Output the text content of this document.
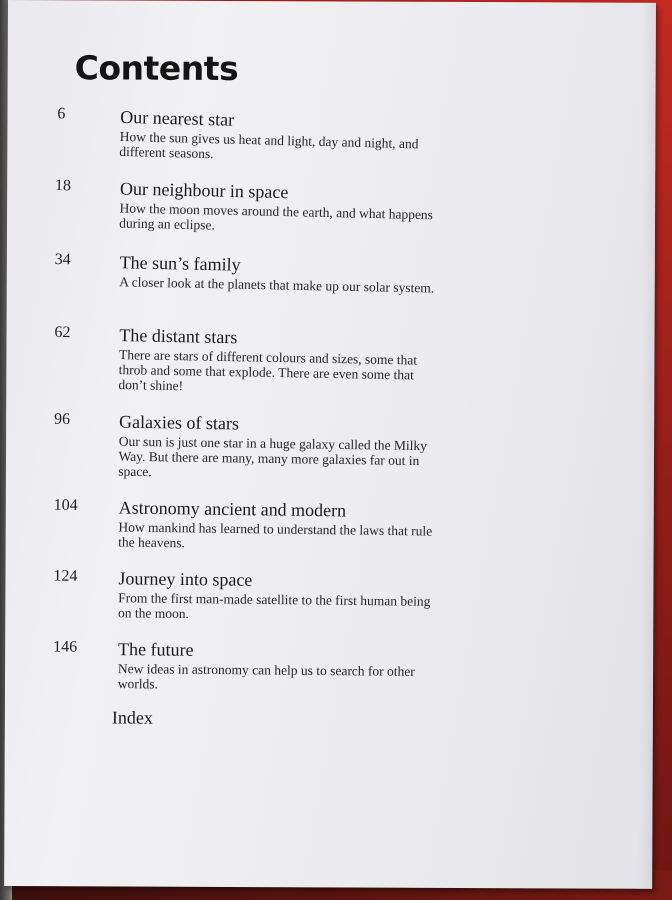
Contents
6	Our nearest star
How the sun gives us heat and light, day and night, and different seasons.
18	Our neighbour in space
How the moon moves around the earth, and what happens during an eclipse.
34	The sun’s family
A closer look at the planets that make up our solar system.
62	The distant stars
There are stars of different colours and sizes, some that throb and some that explode. There are even some that don’t shine!
96	Galaxies of stars
Our sun is just one star in a huge galaxy called the Milky Way. But there are many, many more galaxies far out in space.
104 Astronomy ancient and modern
How mankind has learned to understand the laws that rule the heavens.
124 Journey into space
From the first man-made satellite to the first human being on the moon.
146 The future
New ideas in astronomy can help us to search for other worlds.
Index
